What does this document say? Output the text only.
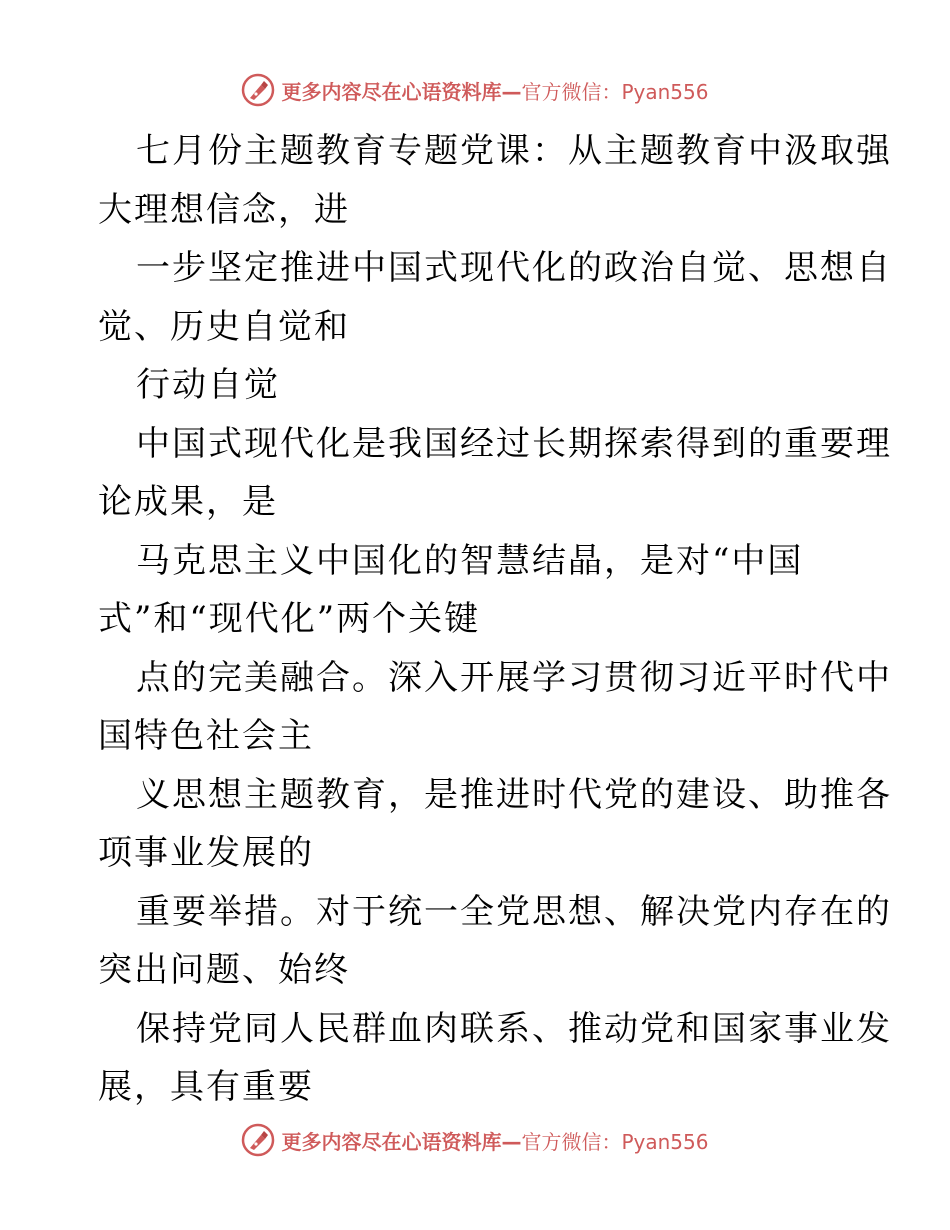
更多内容尽在心语资料库— 官方微信：Pyan556
七月份主题教育专题党课：从主题教育中汲取强
大理想信念，进
一步坚定推进中国式现代化的政治自觉、思想自
觉、历史自觉和
行动自觉
中国式现代化是我国经过长期探索得到的重要理
论成果，是
马克思主义中国化的智慧结晶，是对“中国
式”和“现代化”两个关键
点的完美融合。深入开展学习贯彻习近平时代中
国特色社会主
义思想主题教育，是推进时代党的建设、助推各
项事业发展的
重要举措。对于统一全党思想、解决党内存在的
突出问题、始终
保持党同人民群血肉联系、推动党和国家事业发
展，具有重要
更多内容尽在心语资料库— 官方微信：Pyan556
